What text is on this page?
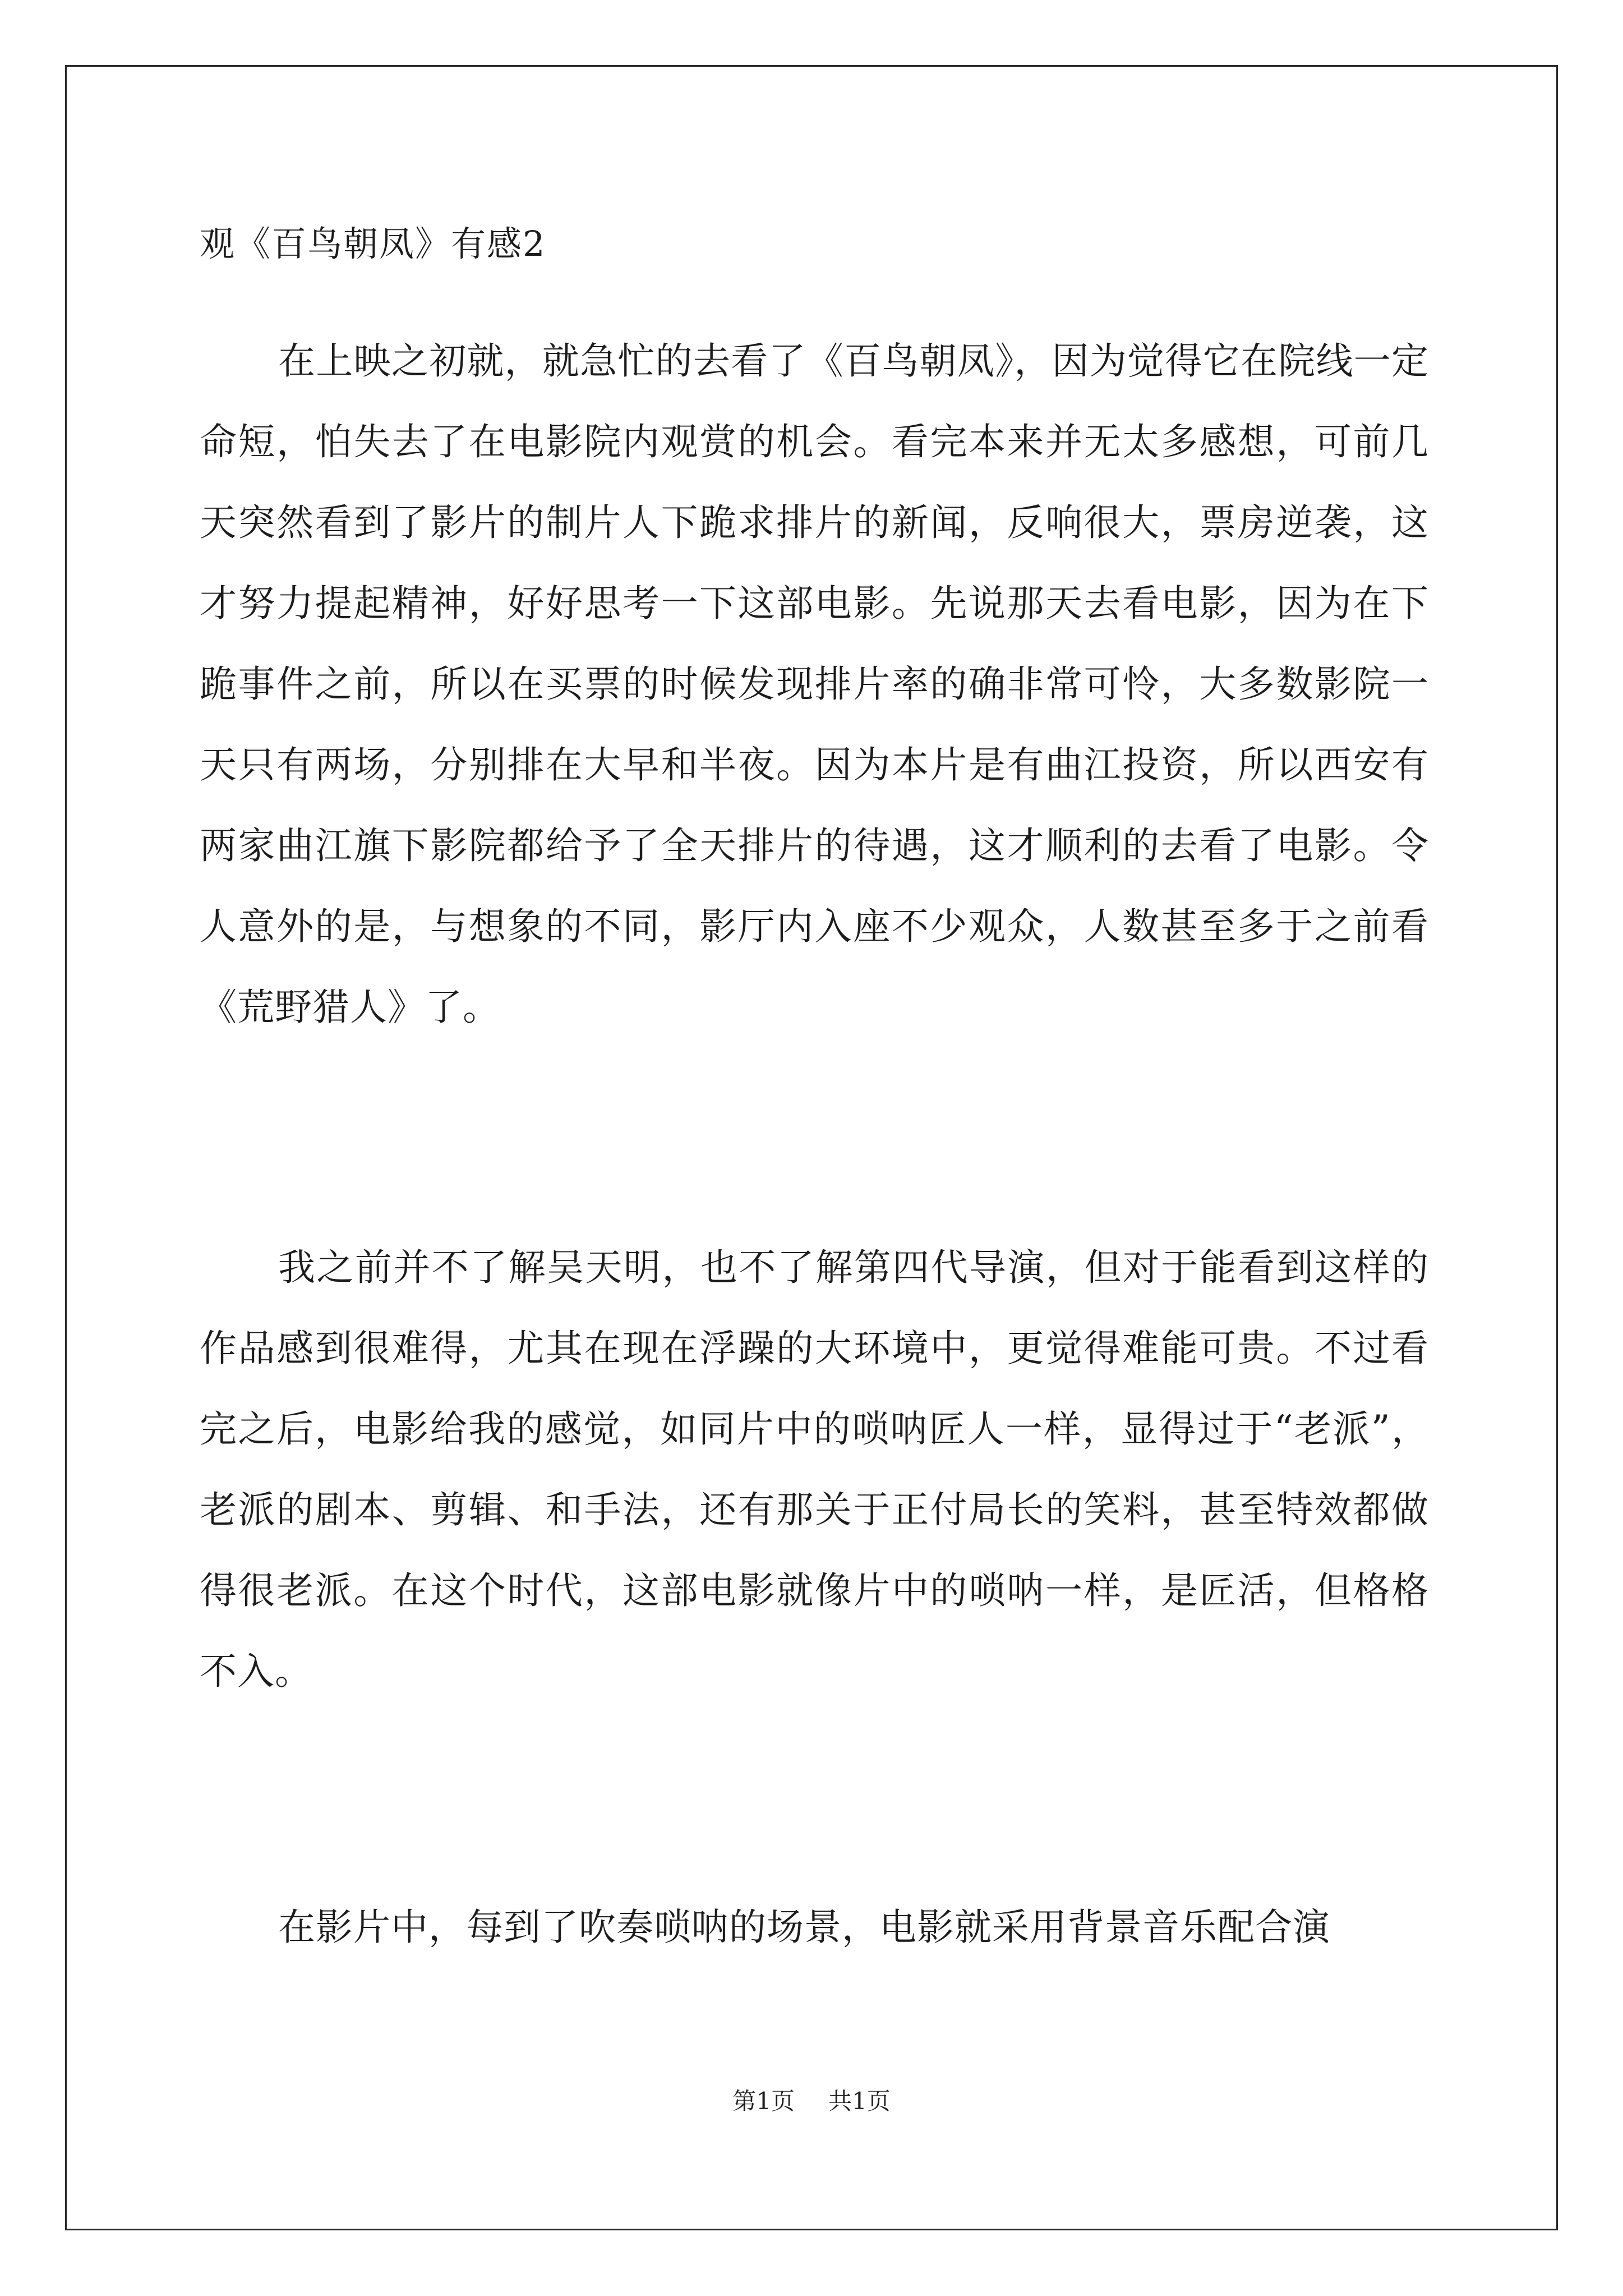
观《百鸟朝凤》有感2

在上映之初就，就急忙的去看了《百鸟朝凤》，因为觉得它在院线一定命短，怕失去了在电影院内观赏的机会。看完本来并无太多感想，可前几天突然看到了影片的制片人下跪求排片的新闻，反响很大，票房逆袭，这才努力提起精神，好好思考一下这部电影。先说那天去看电影，因为在下跪事件之前，所以在买票的时候发现排片率的确非常可怜，大多数影院一天只有两场，分别排在大早和半夜。因为本片是有曲江投资，所以西安有两家曲江旗下影院都给予了全天排片的待遇，这才顺利的去看了电影。令人意外的是，与想象的不同，影厅内入座不少观众，人数甚至多于之前看《荒野猎人》了。

我之前并不了解吴天明，也不了解第四代导演，但对于能看到这样的作品感到很难得，尤其在现在浮躁的大环境中，更觉得难能可贵。不过看完之后，电影给我的感觉，如同片中的唢呐匠人一样，显得过于“老派”，老派的剧本、剪辑、和手法，还有那关于正付局长的笑料，甚至特效都做得很老派。在这个时代，这部电影就像片中的唢呐一样，是匠活，但格格不入。

在影片中，每到了吹奏唢呐的场景，电影就采用背景音乐配合演

第1页 共1页
